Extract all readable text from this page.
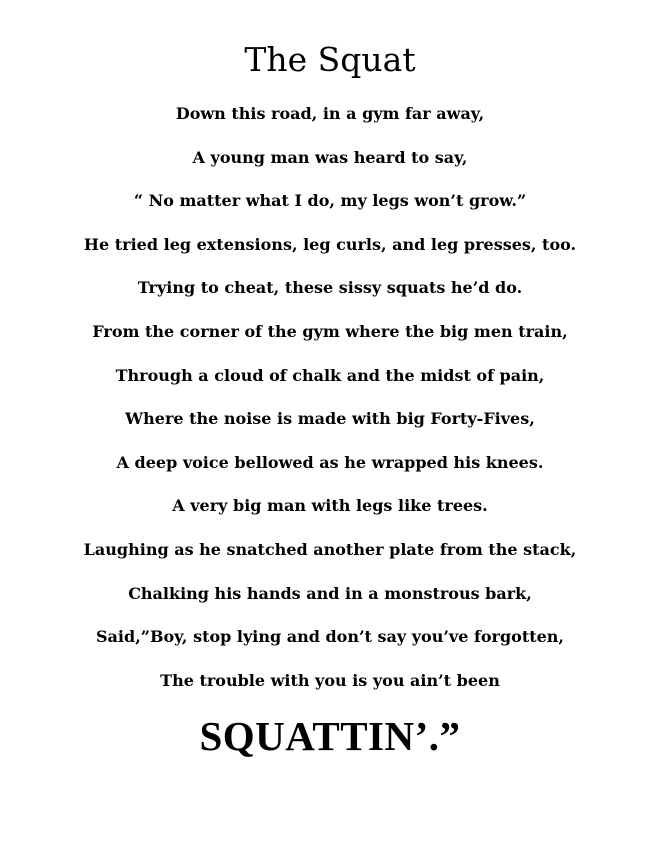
The Squat
Down this road, in a gym far away,
A young man was heard to say,
“ No matter what I do, my legs won’t grow.”
He tried leg extensions, leg curls, and leg presses, too.
Trying to cheat, these sissy squats he’d do.
From the corner of the gym where the big men train,
Through a cloud of chalk and the midst of pain,
Where the noise is made with big Forty-Fives,
A deep voice bellowed as he wrapped his knees.
A very big man with legs like trees.
Laughing as he snatched another plate from the stack,
Chalking his hands and in a monstrous bark,
Said,”Boy, stop lying and don’t say you’ve forgotten,
The trouble with you is you ain’t been

SQUATTIN’.”
